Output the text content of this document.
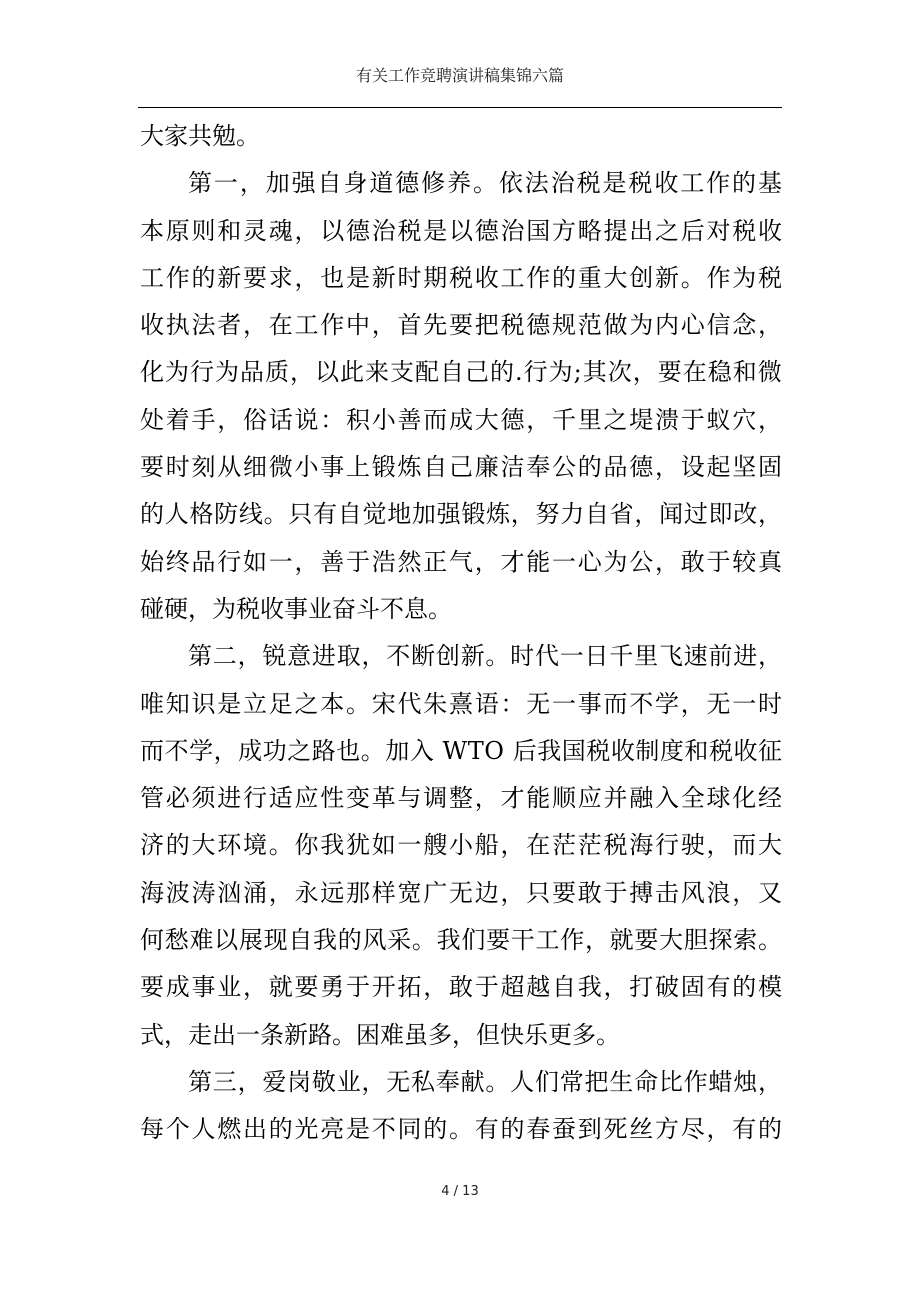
有关工作竞聘演讲稿集锦六篇
大家共勉。
第 一 ， 加 强 自 身 道 德 修 养 。 依 法 治 税 是 税 收 工 作 的 基
本 原 则 和 灵 魂 ， 以 德 治 税 是 以 德 治 国 方 略 提 出 之 后 对 税 收
工 作 的 新 要 求 ， 也 是 新 时 期 税 收 工 作 的 重 大 创 新 。 作 为 税
收 执 法 者 ， 在 工 作 中 ， 首 先 要 把 税 德 规 范 做 为 内 心 信 念 ，
化 为 行 为 品 质 ， 以 此 来 支 配 自 己 的 . 行 为 ; 其 次 ， 要 在 稳 和 微
处 着 手 ， 俗 话 说 ： 积 小 善 而 成 大 德 ， 千 里 之 堤 溃 于 蚁 穴 ，
要 时 刻 从 细 微 小 事 上 锻 炼 自 己 廉 洁 奉 公 的 品 德 ， 设 起 坚 固
的 人 格 防 线 。 只 有 自 觉 地 加 强 锻 炼 ， 努 力 自 省 ， 闻 过 即 改 ，
始 终 品 行 如 一 ， 善 于 浩 然 正 气 ， 才 能 一 心 为 公 ， 敢 于 较 真
碰硬，为税收事业奋斗不息。
第 二 ， 锐 意 进 取 ， 不 断 创 新 。 时 代 一 日 千 里 飞 速 前 进 ，
唯 知 识 是 立 足 之 本 。 宋 代 朱 熹 语 ： 无 一 事 而 不 学 ， 无 一 时
而 不 学 ， 成 功 之 路 也 。 加 入
W T O
后 我 国 税 收 制 度 和 税 收 征
管 必 须 进 行 适 应 性 变 革 与 调 整 ， 才 能 顺 应 并 融 入 全 球 化 经
济 的 大 环 境 。 你 我 犹 如 一 艘 小 船 ， 在 茫 茫 税 海 行 驶 ， 而 大
海 波 涛 汹 涌 ， 永 远 那 样 宽 广 无 边 ， 只 要 敢 于 搏 击 风 浪 ， 又
何 愁 难 以 展 现 自 我 的 风 采 。 我 们 要 干 工 作 ， 就 要 大 胆 探 索 。
要 成 事 业 ， 就 要 勇 于 开 拓 ， 敢 于 超 越 自 我 ， 打 破 固 有 的 模
式，走出一条新路。困难虽多，但快乐更多。
第 三 ， 爱 岗 敬 业 ， 无 私 奉 献 。 人 们 常 把 生 命 比 作 蜡 烛 ，
每 个 人 燃 出 的 光 亮 是 不 同 的 。 有 的 春 蚕 到 死 丝 方 尽 ， 有 的
4 / 13
